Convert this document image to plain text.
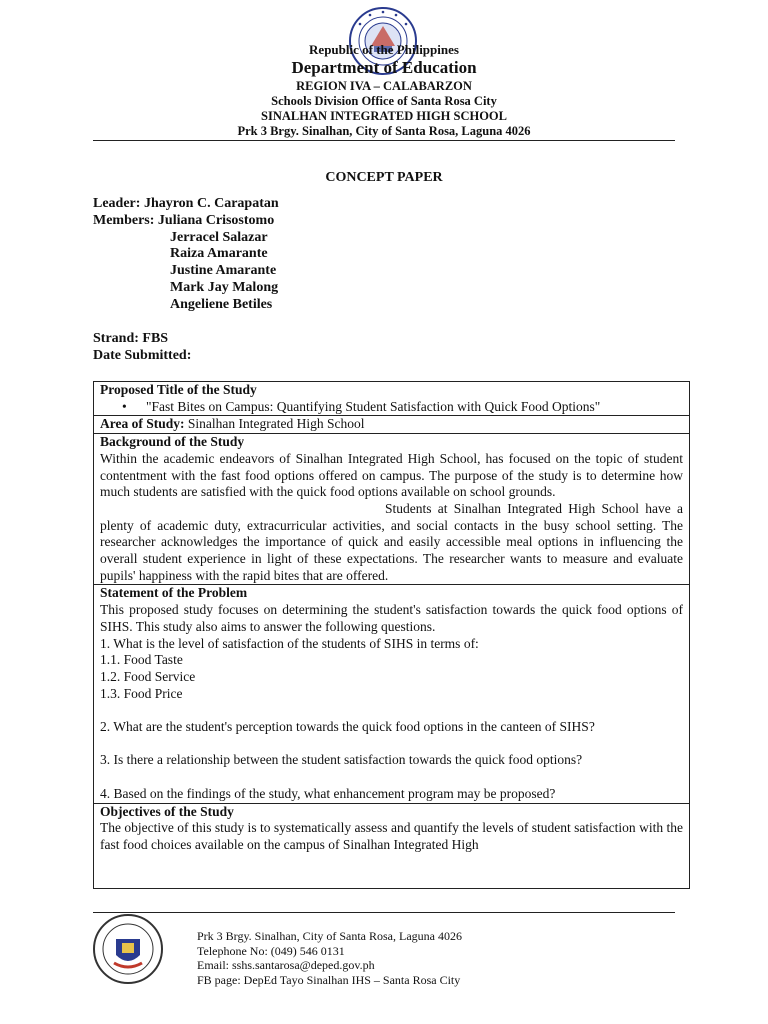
Republic of the Philippines
Department of Education
REGION IVA – CALABARZON
Schools Division Office of Santa Rosa City
SINALHAN INTEGRATED HIGH SCHOOL
Prk 3 Brgy. Sinalhan, City of Santa Rosa, Laguna 4026
CONCEPT PAPER
Leader:
Jhayron C. Carapatan
Members:
Juliana Crisostomo
Jerracel Salazar
Raiza Amarante
Justine Amarante
Mark Jay Malong
Angeliene Betiles
Strand: FBS
Date Submitted:
Proposed Title of the Study
•	"Fast Bites on Campus: Quantifying Student Satisfaction with Quick Food Options"
Area of Study: Sinalhan Integrated High School
Background of the Study
Within the academic endeavors of Sinalhan Integrated High School, has focused on the topic of student contentment with the fast food options offered on campus. The purpose of the study is to determine how much students are satisfied with the quick food options available on school grounds.
Students at Sinalhan Integrated High School have a plenty of academic duty, extracurricular activities, and social contacts in the busy school setting. The researcher acknowledges the importance of quick and easily accessible meal options in influencing the overall student experience in light of these expectations. The researcher wants to measure and evaluate pupils' happiness with the rapid bites that are offered.
Statement of the Problem
This proposed study focuses on determining the student's satisfaction towards the quick food options of SIHS. This study also aims to answer the following questions.
1. What is the level of satisfaction of the students of SIHS in terms of:
1.1. Food Taste
1.2. Food Service
1.3. Food Price
2. What are the student's perception towards the quick food options in the canteen of SIHS?
3. Is there a relationship between the student satisfaction towards the quick food options?
4. Based on the findings of the study, what enhancement program may be proposed?
Objectives of the Study
The objective of this study is to systematically assess and quantify the levels of student satisfaction with the fast food choices available on the campus of Sinalhan Integrated High
Prk 3 Brgy. Sinalhan, City of Santa Rosa, Laguna 4026
Telephone No: (049) 546 0131
Email: sshs.santarosa@deped.gov.ph
FB page: DepEd Tayo Sinalhan IHS – Santa Rosa City
